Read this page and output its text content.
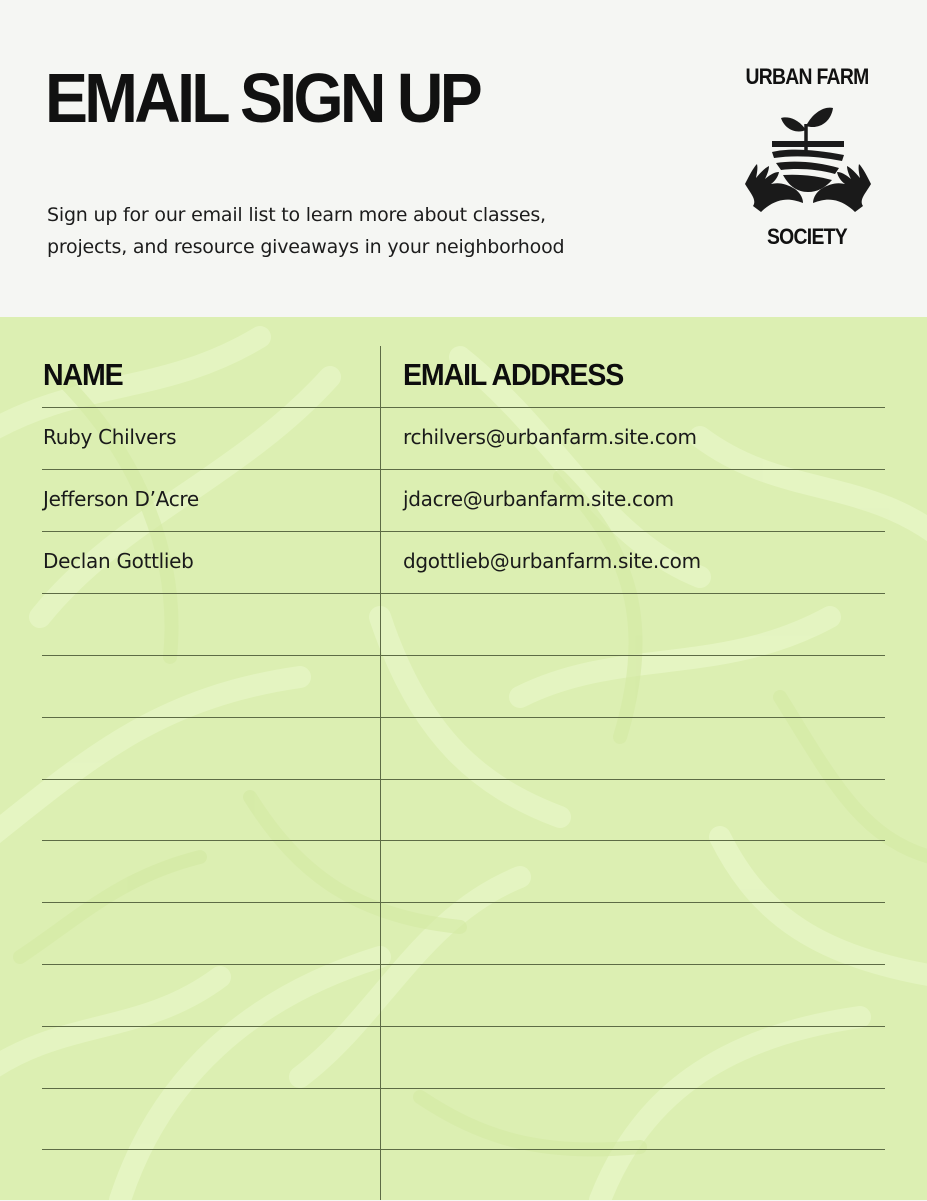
EMAIL SIGN UP

Sign up for our email list to learn more about classes,
projects, and resource giveaways in your neighborhood

URBAN FARM
SOCIETY
NAME	EMAIL ADDRESS
Ruby Chilvers	rchilvers@urbanfarm.site.com
Jefferson D’Acre	jdacre@urbanfarm.site.com
Declan Gottlieb	dgottlieb@urbanfarm.site.com
